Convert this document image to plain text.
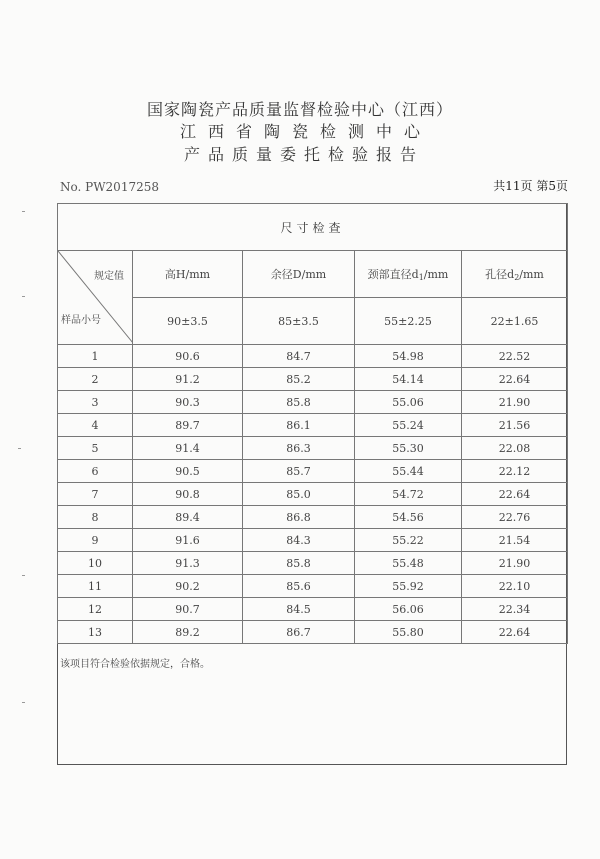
国家陶瓷产品质量监督检验中心（江西）
江西省陶瓷检测中心
产品质量委托检验报告
No. PW2017258	共11页 第5页
尺寸检查				

规定值
样品小号	高H/mm	余径D/mm	颈部直径$d_1/mm$	孔径$d_2/mm$
	90±3.5	85±3.5	55±2.25	22±1.65
1	90.6	84.7	54.98	22.52
2	91.2	85.2	54.14	22.64
3	90.3	85.8	55.06	21.90
4	89.7	86.1	55.24	21.56
5	91.4	86.3	55.30	22.08
6	90.5	85.7	55.44	22.12
7	90.8	85.0	54.72	22.64
8	89.4	86.8	54.56	22.76
9	91.6	84.3	55.22	21.54
10	91.3	85.8	55.48	21.90
11	90.2	85.6	55.92	22.10
12	90.7	84.5	56.06	22.34
13	89.2	86.7	55.80	22.64
该项目符合检验依据规定，合格。
